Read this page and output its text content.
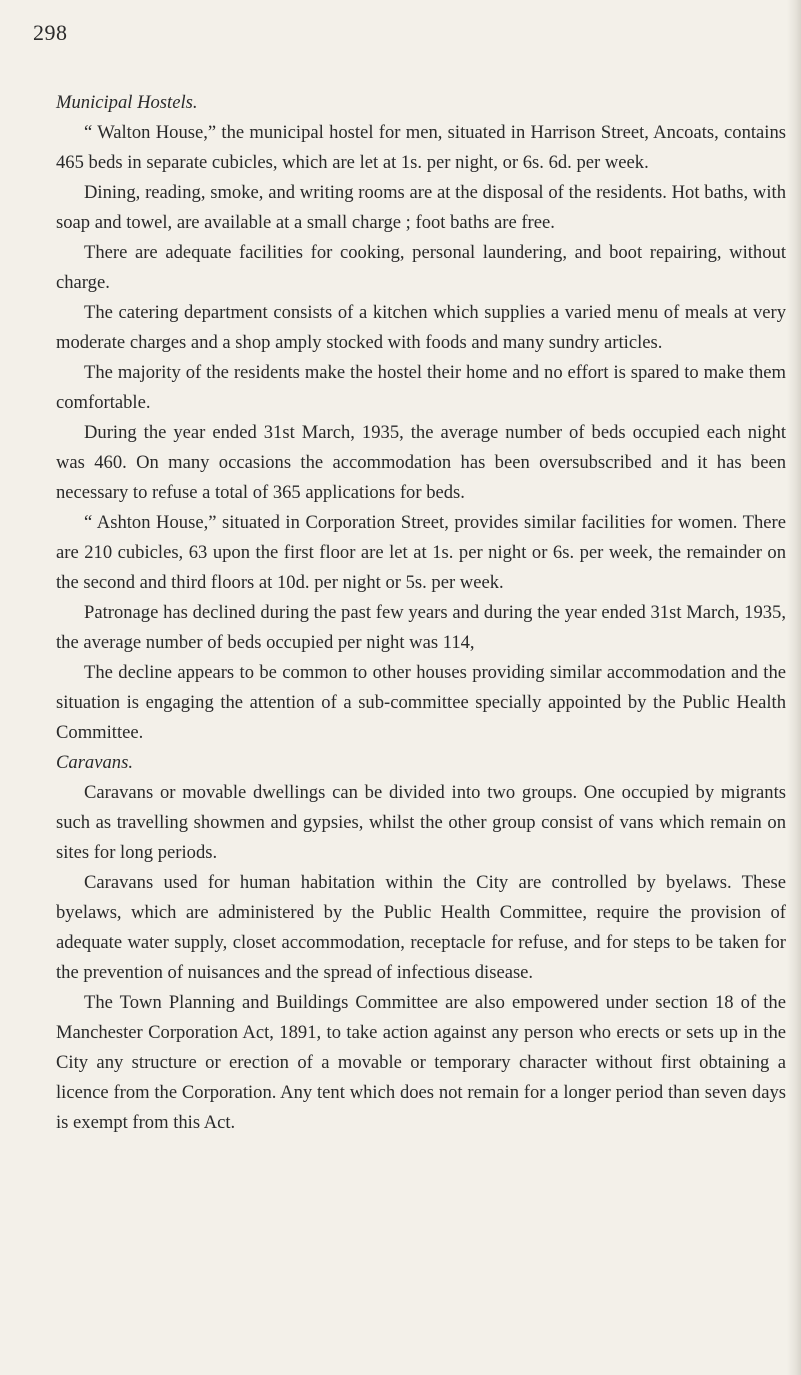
298
Municipal Hostels.

“ Walton House,” the municipal hostel for men, situated in Harrison Street, Ancoats, contains 465 beds in separate cubicles, which are let at 1s. per night, or 6s. 6d. per week.

Dining, reading, smoke, and writing rooms are at the disposal of the residents. Hot baths, with soap and towel, are available at a small charge ; foot baths are free.

There are adequate facilities for cooking, personal laundering, and boot repairing, without charge.

The catering department consists of a kitchen which supplies a varied menu of meals at very moderate charges and a shop amply stocked with foods and many sundry articles.

The majority of the residents make the hostel their home and no effort is spared to make them comfortable.

During the year ended 31st March, 1935, the average number of beds occupied each night was 460. On many occasions the accommodation has been oversubscribed and it has been necessary to refuse a total of 365 applications for beds.

“ Ashton House,” situated in Corporation Street, provides similar facilities for women. There are 210 cubicles, 63 upon the first floor are let at 1s. per night or 6s. per week, the remainder on the second and third floors at 10d. per night or 5s. per week.

Patronage has declined during the past few years and during the year ended 31st March, 1935, the average number of beds occupied per night was 114,

The decline appears to be common to other houses providing similar accommodation and the situation is engaging the attention of a sub-committee specially appointed by the Public Health Committee.

Caravans.

Caravans or movable dwellings can be divided into two groups. One occupied by migrants such as travelling showmen and gypsies, whilst the other group consist of vans which remain on sites for long periods.

Caravans used for human habitation within the City are controlled by byelaws. These byelaws, which are administered by the Public Health Committee, require the provision of adequate water supply, closet accommodation, receptacle for refuse, and for steps to be taken for the prevention of nuisances and the spread of infectious disease.

The Town Planning and Buildings Committee are also empowered under section 18 of the Manchester Corporation Act, 1891, to take action against any person who erects or sets up in the City any structure or erection of a movable or temporary character without first obtaining a licence from the Corporation. Any tent which does not remain for a longer period than seven days is exempt from this Act.
